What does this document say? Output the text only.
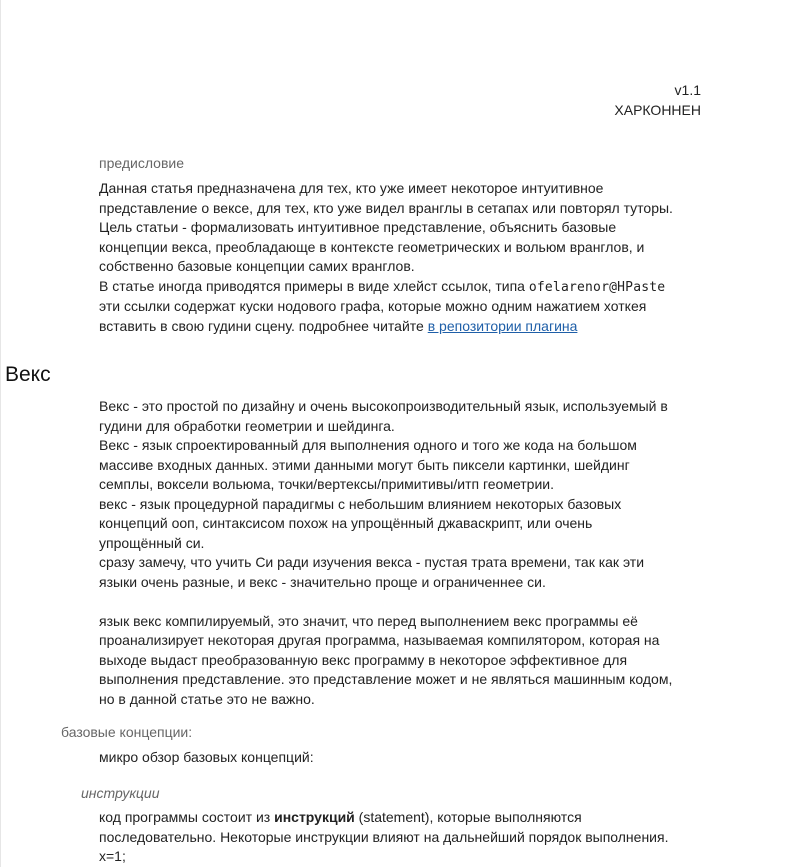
v1.1
ХАРКОННЕН
предисловие

Данная статья предназначена для тех, кто уже имеет некоторое интуитивное

представление о вексе, для тех, кто уже видел врaнглы в сетапах или повторял туторы.

Цель статьи - формализовать интуитивное представление, объяснить базовые

концепции векса, преобладающе в контексте геометрических и вольюм врaнглов, и

собственно базовые концепции самих врaнглов.

В статье иногда приводятся примеры в виде хлейст ссылок, типа ofelarenor@HPaste

эти ссылки содержат куски нодового графа, которые можно одним нажатием хоткея

вставить в свою гудини сцену. подробнее читайте в репозитории плагина

Векс

Векс - это простой по дизайну и очень высокопроизводительный язык, используемый в

гудини для обработки геометрии и шейдинга.

Векс - язык спроектированный для выполнения одного и того же кода на большом

массиве входных данных. этими данными могут быть пиксели картинки, шейдинг

семплы, воксели вольюма, точки/вертексы/примитивы/итп геометрии.

векс - язык процедурной парадигмы с небольшим влиянием некоторых базовых

концепций ооп, синтаксисом похож на упрощённый джаваскрипт, или очень

упрощённый си.

сразу замечу, что учить Си ради изучения векса - пустая трата времени, так как эти

языки очень разные, и векс - значительно проще и ограниченнее си.

язык векс компилируемый, это значит, что перед выполнением векс программы её

проанализирует некоторая другая программа, называемая компилятором, которая на

выходе выдаст преобразованную векс программу в некоторое эффективное для

выполнения представление. это представление может и не являться машинным кодом,

но в данной статье это не важно.

базовые концепции:

микро обзор базовых концепций:

инструкции

код программы состоит из инструкций (statement), которые выполняются

последовательно. Некоторые инструкции влияют на дальнейший порядок выполнения.

x=1;
